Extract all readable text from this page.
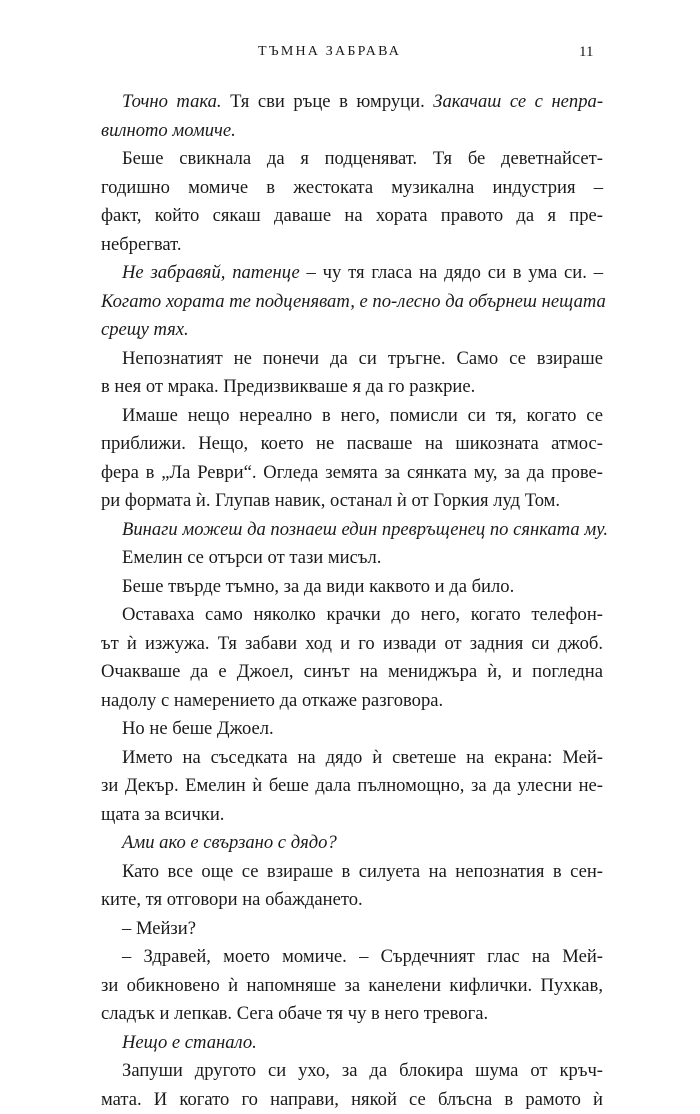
ТЪМНА ЗАБРАВА	11
Точно така. Тя сви ръце в юмруци. Закачаш се с непра-
вилното момиче.
Беше свикнала да я подценяват. Тя бе деветнайсет-
годишно момиче в жестоката музикална индустрия –
факт, който сякаш даваше на хората правото да я пре-
небрегват.
Не забравяй, патенце – чу тя гласа на дядо си в ума си. –
Когато хората те подценяват, е по-лесно да обърнеш нещата
срещу тях.
Непознатият не понечи да си тръгне. Само се взираше
в нея от мрака. Предизвикваше я да го разкрие.
Имаше нещо нереално в него, помисли си тя, когато се
приближи. Нещо, което не пасваше на шикозната атмос-
фера в „Ла Реври“. Огледа земята за сянката му, за да прове-
ри формата ѝ. Глупав навик, останал ѝ от Горкия луд Том.
Винаги можеш да познаеш един превръщенец по сянката му.
Емелин се отърси от тази мисъл.
Беше твърде тъмно, за да види каквото и да било.
Оставаха само няколко крачки до него, когато телефон-
ът ѝ изжужа. Тя забави ход и го извади от задния си джоб.
Очакваше да е Джоел, синът на мениджъра ѝ, и погледна
надолу с намерението да откаже разговора.
Но не беше Джоел.
Името на съседката на дядо ѝ светеше на екрана: Мей-
зи Декър. Емелин ѝ беше дала пълномощно, за да улесни не-
щата за всички.
Ами ако е свързано с дядо?
Като все още се взираше в силуета на непознатия в сен-
ките, тя отговори на обаждането.
– Мейзи?
– Здравей, моето момиче. – Сърдечният глас на Мей-
зи обикновено ѝ напомняше за канелени кифлички. Пухкав,
сладък и лепкав. Сега обаче тя чу в него тревога.
Нещо е станало.
Запуши другото си ухо, за да блокира шума от кръч-
мата. И когато го направи, някой се блъсна в рамото ѝ
